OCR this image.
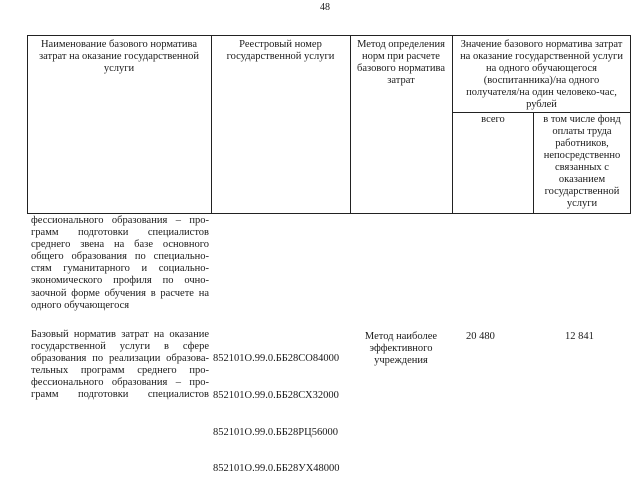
48
Наименование базового норматива
затрат на оказание государственной
услуги
Реестровый номер
государственной услуги
Метод определения
норм при расчете
базового норматива
затрат
Значение базового норматива затрат
на оказание государственной услуги
на одного обучающегося
(воспитанника)/на одного
получателя/на один человеко-час,
рублей
всего	в том числе фонд
оплаты труда
работников,
непосредственно
связанных с
оказанием
государственной
услуги
фессионального образования – про-
грамм подготовки специалистов
среднего звена на базе основного
общего образования по специально-
стям гуманитарного и социально-
экономического профиля по очно-
заочной форме обучения в расчете на
одного обучающегося
Базовый норматив затрат на оказание
государственной услуги в сфере
образования по реализации образова-
тельных программ среднего про-
фессионального образования – про-
грамм подготовки специалистов

852101О.99.0.ББ28СО84000

852101О.99.0.ББ28СХ32000

852101О.99.0.ББ28РЦ56000

852101О.99.0.ББ28УХ48000

Метод наиболее
эффективного
учреждения
20 480	12 841
